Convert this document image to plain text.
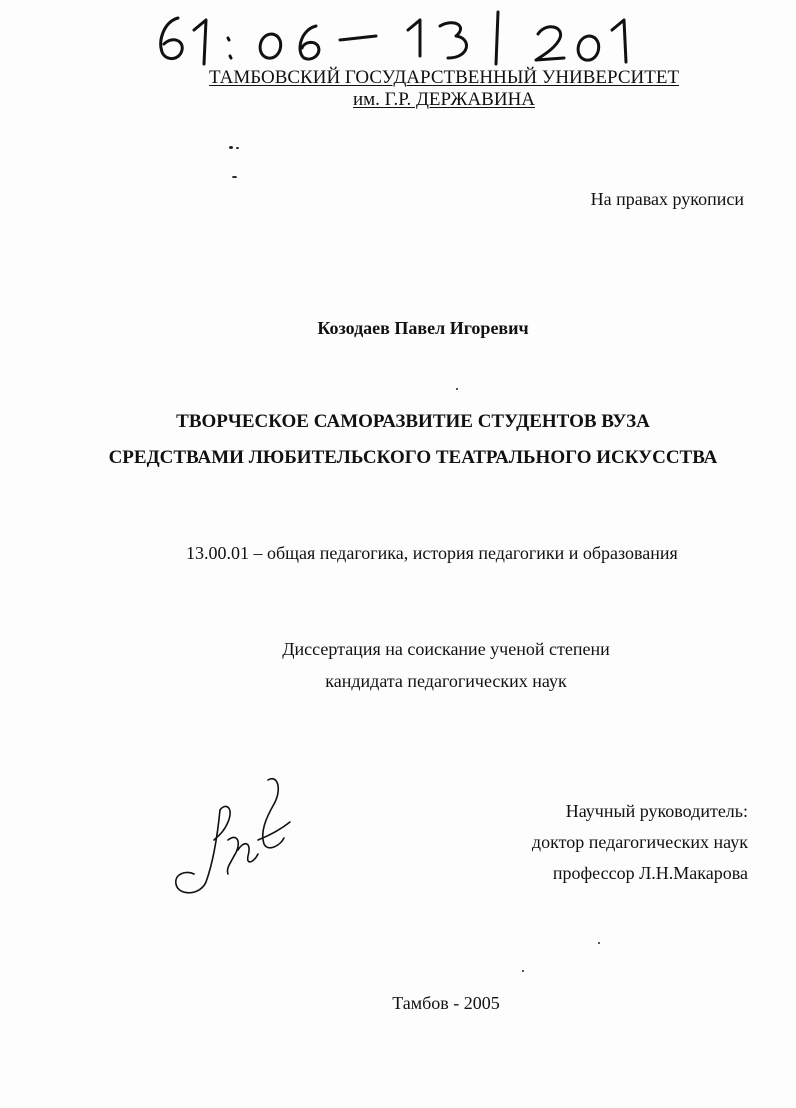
ТАМБОВСКИЙ ГОСУДАРСТВЕННЫЙ УНИВЕРСИТЕТ
им. Г.Р. ДЕРЖАВИНА
На правах рукописи
Козодаев Павел Игоревич
ТВОРЧЕСКОЕ САМОРАЗВИТИЕ СТУДЕНТОВ ВУЗА
СРЕДСТВАМИ ЛЮБИТЕЛЬСКОГО ТЕАТРАЛЬНОГО ИСКУССТВА
13.00.01 – общая педагогика, история педагогики и образования
Диссертация на соискание ученой степени
кандидата педагогических наук
Научный руководитель:
доктор педагогических наук
профессор Л.Н.Макарова
Тамбов - 2005
